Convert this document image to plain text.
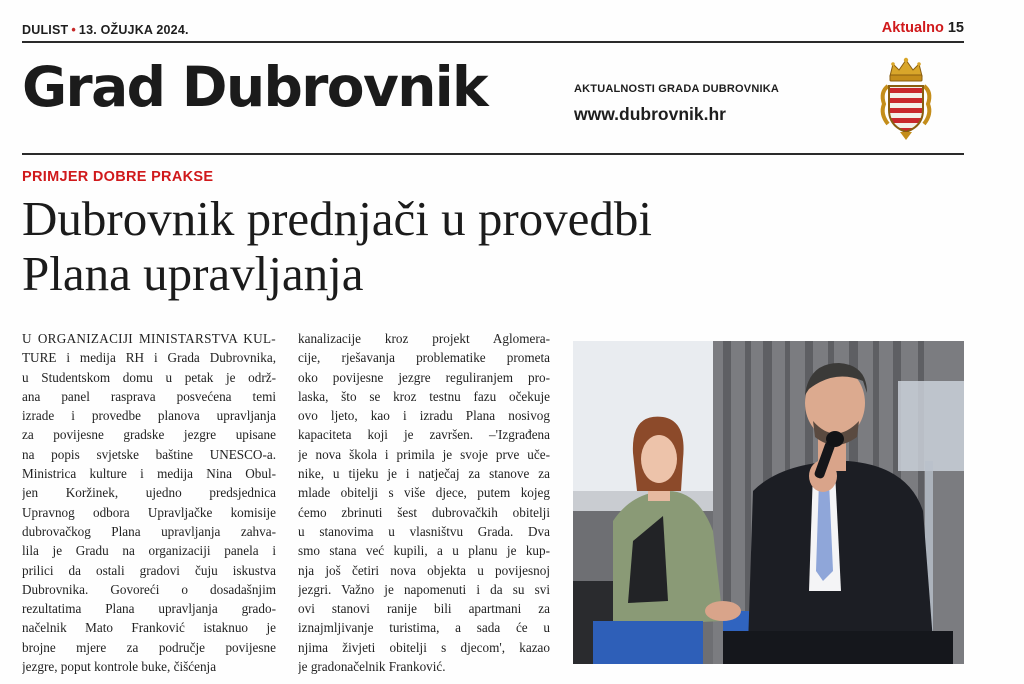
DULIST • 13. OŽUJKA 2024.	Aktualno 15
Grad Dubrovnik	AKTUALNOSTI GRADA DUBROVNIKA
www.dubrovnik.hr
PRIMJER DOBRE PRAKSE
Dubrovnik prednjači u provedbi
Plana upravljanja
U ORGANIZACIJI MINISTARSTVA KUL-
TURE i medija RH i Grada Dubrovnika,
u Studentskom domu u petak je održ-
ana panel rasprava posvećena temi
izrade i provedbe planova upravljanja
za povijesne gradske jezgre upisane
na popis svjetske baštine UNESCO-a.
Ministrica kulture i medija Nina Obul-
jen Koržinek, ujedno predsjednica
Upravnog odbora Upravljačke komisije
dubrovačkog Plana upravljanja zahva-
lila je Gradu na organizaciji panela i
prilici da ostali gradovi čuju iskustva
Dubrovnika. Govoreći o dosadašnjim
rezultatima Plana upravljanja grado-
načelnik Mato Franković istaknuo je
brojne mjere za područje povijesne
jezgre, poput kontrole buke, čišćenja
kanalizacije kroz projekt Aglomera-
cije, rješavanja problematike prometa
oko povijesne jezgre reguliranjem pro-
laska, što se kroz testnu fazu očekuje
ovo ljeto, kao i izradu Plana nosivog
kapaciteta koji je završen. –'Izgrađena
je nova škola i primila je svoje prve uče-
nike, u tijeku je i natječaj za stanove za
mlade obitelji s više djece, putem kojeg
ćemo zbrinuti šest dubrovačkih obitelji
u stanovima u vlasništvu Grada. Dva
smo stana već kupili, a u planu je kup-
nja još četiri nova objekta u povijesnoj
jezgri. Važno je napomenuti i da su svi
ovi stanovi ranije bili apartmani za
iznajmljivanje turistima, a sada će u
njima živjeti obitelji s djecom', kazao
je gradonačelnik Franković.
